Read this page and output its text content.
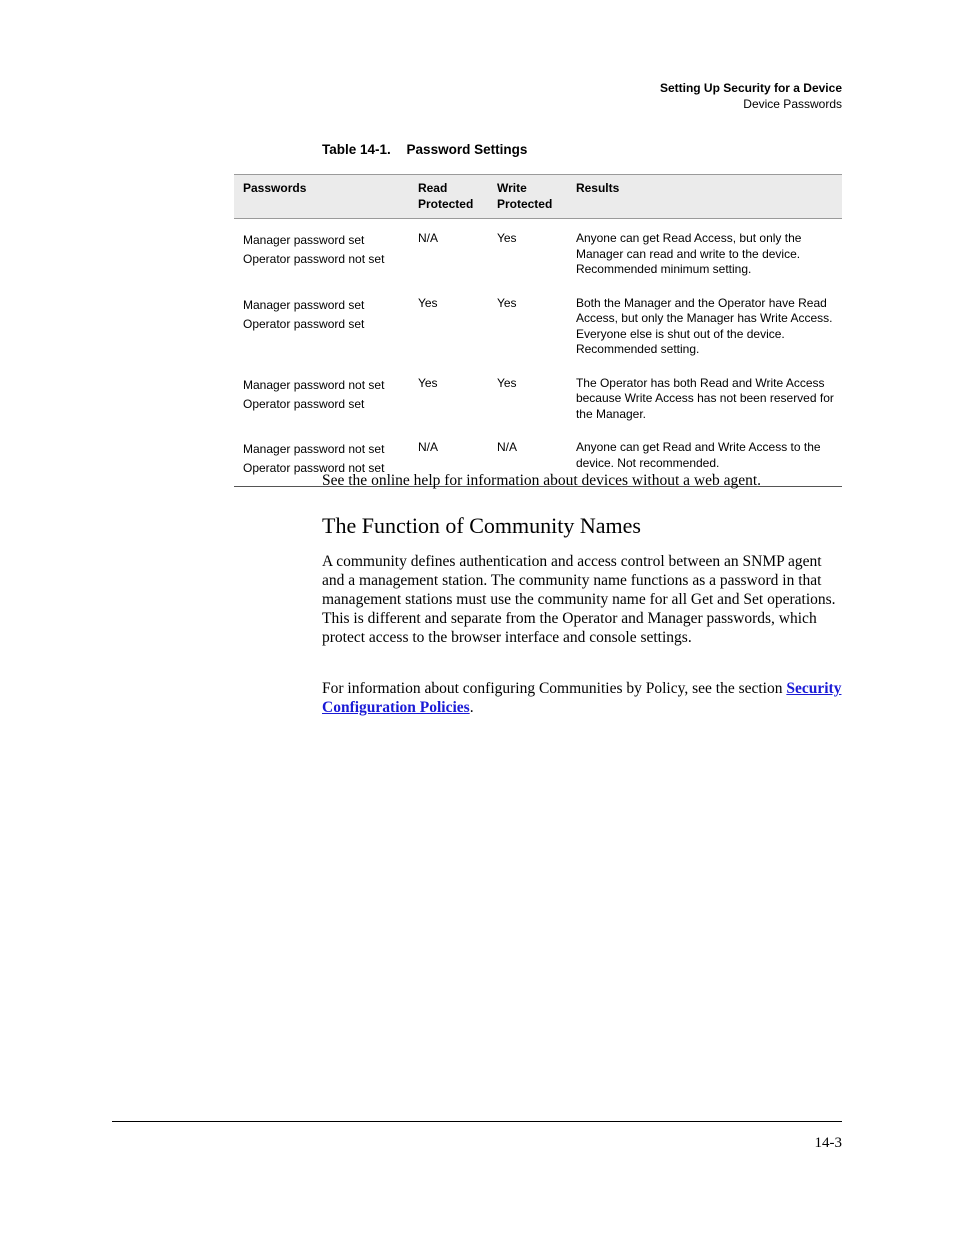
Setting Up Security for a Device
Device Passwords
Table 14-1. Password Settings
Passwords	Read Protected	Write Protected	Results

Manager password set
Operator password not set	N/A	Yes	Anyone can get Read Access, but only the Manager can read and write to the device. Recommended minimum setting.

Manager password set
Operator password set	Yes	Yes	Both the Manager and the Operator have Read Access, but only the Manager has Write Access. Everyone else is shut out of the device. Recommended setting.

Manager password not set
Operator password set	Yes	Yes	The Operator has both Read and Write Access because Write Access has not been reserved for the Manager.

Manager password not set
Operator password not set	N/A	N/A	Anyone can get Read and Write Access to the device. Not recommended.

See the online help for information about devices without a web agent.

The Function of Community Names

A community defines authentication and access control between an SNMP agent and a management station. The community name functions as a password in that management stations must use the community name for all Get and Set operations. This is different and separate from the Operator and Manager passwords, which protect access to the browser interface and console settings.

For information about configuring Communities by Policy, see the section Security Configuration Policies.

14-3
